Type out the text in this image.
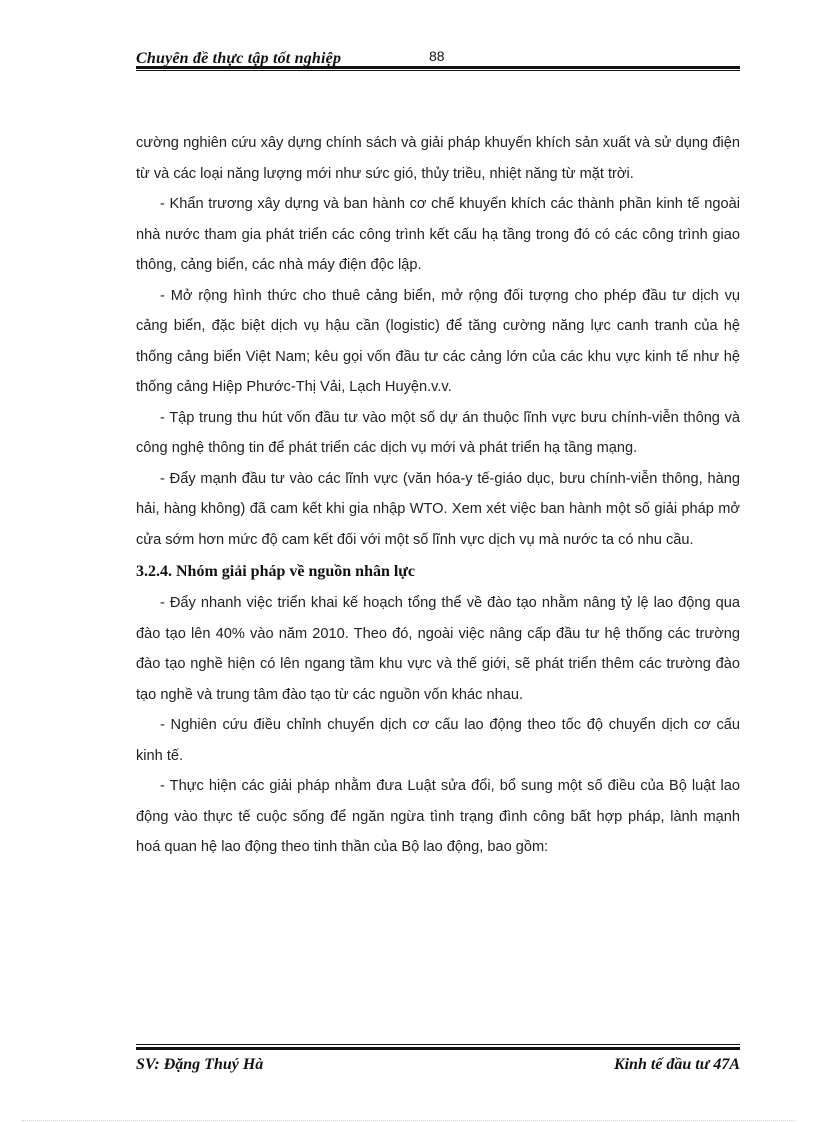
Chuyên đề thực tập tốt nghiệp	88

cường nghiên cứu xây dựng chính sách và giải pháp khuyến khích sản xuất và sử dụng điện từ và các loại năng lượng mới như sức gió, thủy triều, nhiệt năng từ mặt trời.

- Khẩn trương xây dựng và ban hành cơ chế khuyến khích các thành phần kinh tế ngoài nhà nước tham gia phát triển các công trình kết cấu hạ tầng trong đó có các công trình giao thông, cảng biển, các nhà máy điện độc lập.

- Mở rộng hình thức cho thuê cảng biển, mở rộng đối tượng cho phép đầu tư dịch vụ cảng biển, đặc biệt dịch vụ hậu cần (logistic) để tăng cường năng lực canh tranh của hệ thống cảng biển Việt Nam; kêu gọi vốn đầu tư các cảng lớn của các khu vực kinh tế như hệ thống cảng Hiệp Phước-Thị Vải, Lạch Huyện.v.v.

- Tập trung thu hút vốn đầu tư vào một số dự án thuộc lĩnh vực bưu chính-viễn thông và công nghệ thông tin để phát triển các dịch vụ mới và phát triển hạ tầng mạng.

- Đẩy mạnh đầu tư vào các lĩnh vực (văn hóa-y tế-giáo dục, bưu chính-viễn thông, hàng hải, hàng không) đã cam kết khi gia nhập WTO. Xem xét việc ban hành một số giải pháp mở cửa sớm hơn mức độ cam kết đối với một số lĩnh vực dịch vụ mà nước ta có nhu cầu.

3.2.4. Nhóm giải pháp về nguồn nhân lực

- Đẩy nhanh việc triển khai kế hoạch tổng thể về đào tạo nhằm nâng tỷ lệ lao động qua đào tạo lên 40% vào năm 2010. Theo đó, ngoài việc nâng cấp đầu tư hệ thống các trường đào tạo nghề hiện có lên ngang tầm khu vực và thế giới, sẽ phát triển thêm các trường đào tạo nghề và trung tâm đào tạo từ các nguồn vốn khác nhau.

- Nghiên cứu điều chỉnh chuyển dịch cơ cấu lao động theo tốc độ chuyển dịch cơ cấu kinh tế.

- Thực hiện các giải pháp nhằm đưa Luật sửa đổi, bổ sung một số điều của Bộ luật lao động vào thực tế cuộc sống để ngăn ngừa tình trạng đình công bất hợp pháp, lành mạnh hoá quan hệ lao động theo tinh thần của Bộ lao động, bao gồm:

SV: Đặng Thuý Hà	Kinh tế đầu tư 47A
